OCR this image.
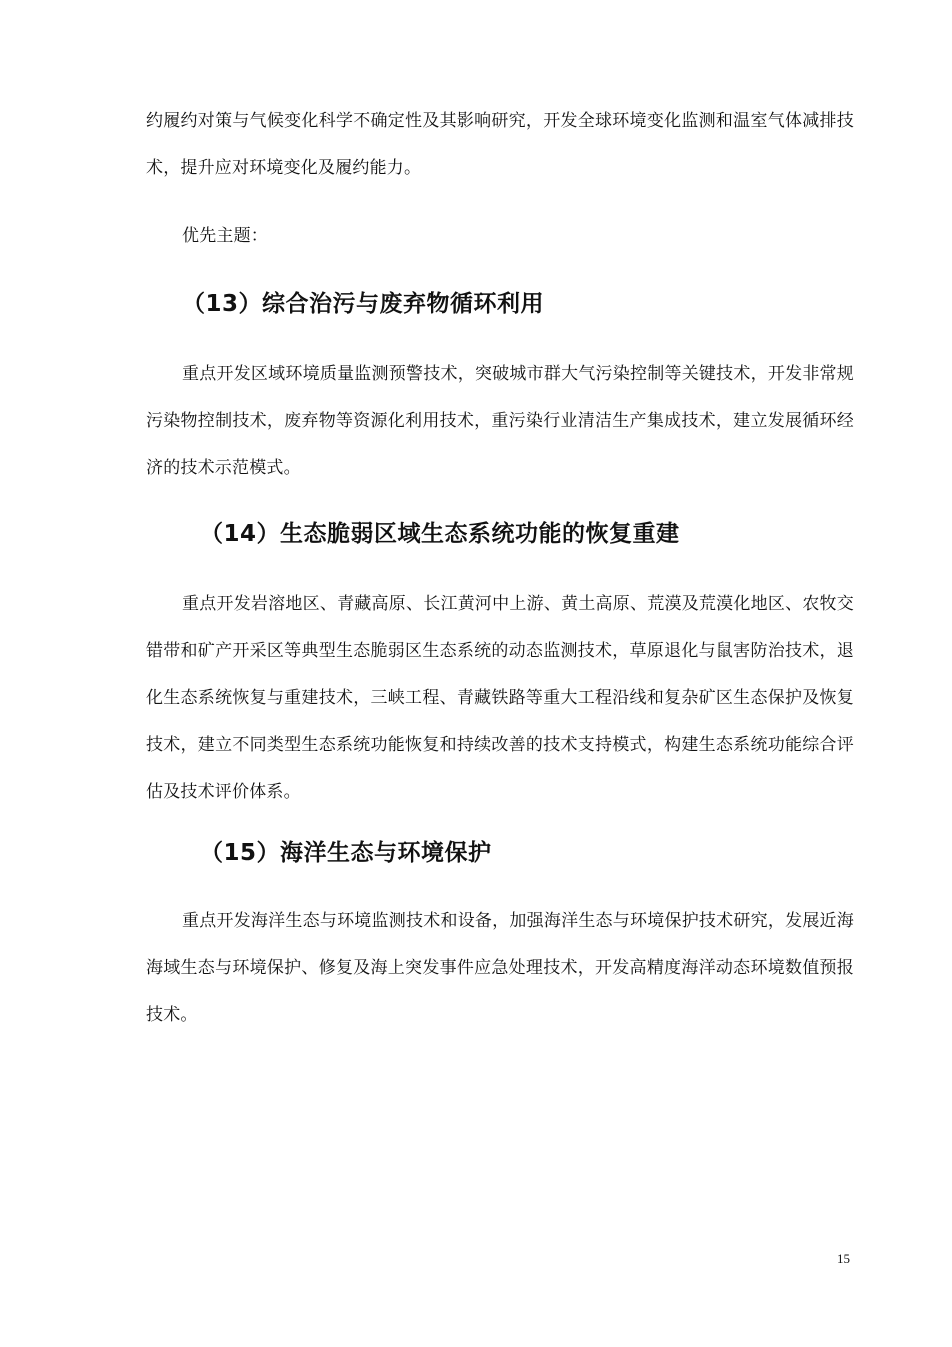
约履约对策与气候变化科学不确定性及其影响研究，开发全球环境变化监测和温室气体减排技术，提升应对环境变化及履约能力。

优先主题：

（13）综合治污与废弃物循环利用

重点开发区域环境质量监测预警技术，突破城市群大气污染控制等关键技术，开发非常规污染物控制技术，废弃物等资源化利用技术，重污染行业清洁生产集成技术，建立发展循环经济的技术示范模式。

（14）生态脆弱区域生态系统功能的恢复重建

重点开发岩溶地区、青藏高原、长江黄河中上游、黄土高原、荒漠及荒漠化地区、农牧交错带和矿产开采区等典型生态脆弱区生态系统的动态监测技术，草原退化与鼠害防治技术，退化生态系统恢复与重建技术，三峡工程、青藏铁路等重大工程沿线和复杂矿区生态保护及恢复技术，建立不同类型生态系统功能恢复和持续改善的技术支持模式，构建生态系统功能综合评估及技术评价体系。

（15）海洋生态与环境保护

重点开发海洋生态与环境监测技术和设备，加强海洋生态与环境保护技术研究，发展近海海域生态与环境保护、修复及海上突发事件应急处理技术，开发高精度海洋动态环境数值预报技术。

15
